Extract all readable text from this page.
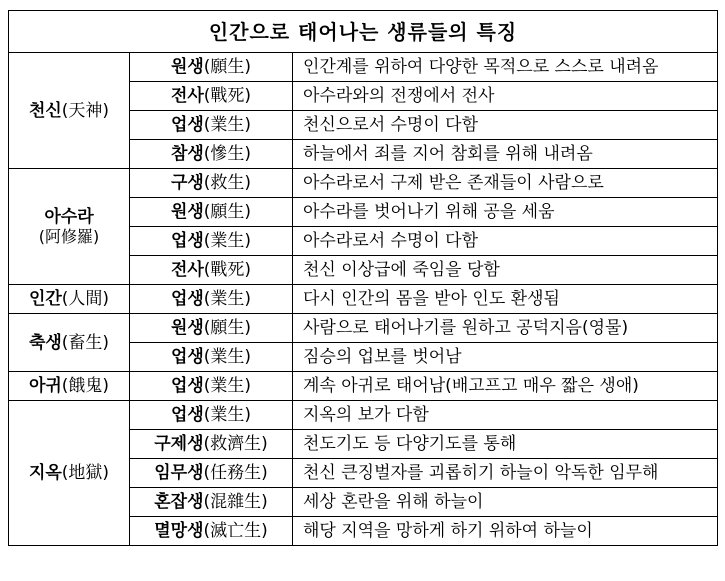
인간으로 태어나는 생류들의 특징		
천신(天神)	원생(願生)	인간계를 위하여 다양한 목적으로 스스로 내려옴
	전사(戰死)	아수라와의 전쟁에서 전사
	업생(業生)	천신으로서 수명이 다함
	참생(慘生)	하늘에서 죄를 지어 참회를 위해 내려옴
아수라
(阿修羅)	구생(救生)	아수라로서 구제 받은 존재들이 사람으로
	원생(願生)	아수라를 벗어나기 위해 공을 세움
	업생(業生)	아수라로서 수명이 다함
	전사(戰死)	천신 이상급에 죽임을 당함
인간(人間)	업생(業生)	다시 인간의 몸을 받아 인도 환생됨
축생(畜生)	원생(願生)	사람으로 태어나기를 원하고 공덕지음(영물)
	업생(業生)	짐승의 업보를 벗어남
아귀(餓鬼)	업생(業生)	계속 아귀로 태어남(배고프고 매우 짧은 생애)
지옥(地獄)	업생(業生)	지옥의 보가 다함
	구제생(救濟生)	천도기도 등 다양기도를 통해
	임무생(任務生)	천신 큰징벌자를 괴롭히기 하늘이 악독한 임무해
	혼잡생(混雜生)	세상 혼란을 위해 하늘이
	멸망생(滅亡生)	해당 지역을 망하게 하기 위하여 하늘이
